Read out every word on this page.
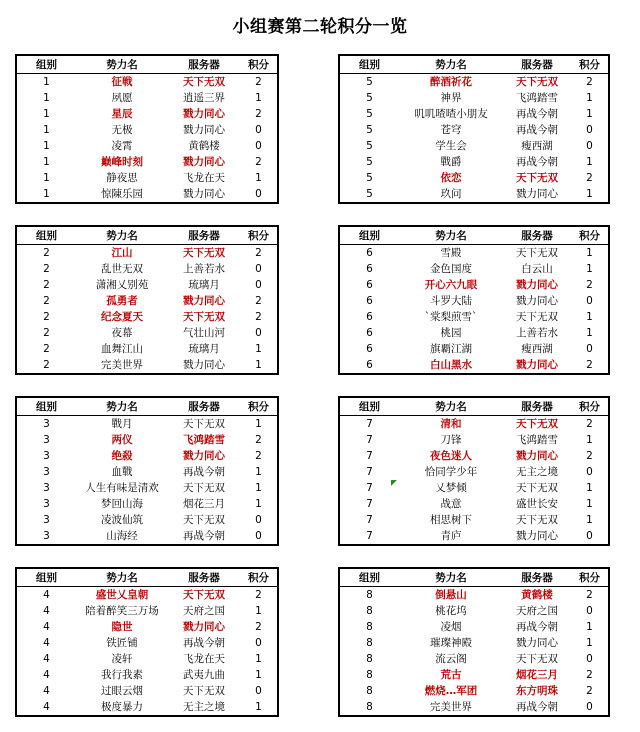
小组赛第二轮积分一览
组别	势力名	服务器	积分
1	征戦	天下无双	2
1	夙愿	逍遥三界	1
1	星辰	戮力同心	2
1	无极	戮力同心	0
1	凌霄	黄鹤楼	0
1	巅峰时刻	戮力同心	2
1	静夜思	飞龙在天	1
1	惊陳乐园	戮力同心	0
组别	势力名	服务器	积分
5	醉酒祈花	天下无双	2
5	神界	飞鸿踏雪	1
5	叽叽喳喳小朋友	再战今朝	1
5	苍穹	再战今朝	0
5	学生会	瘦西湖	0
5	戰爵	再战今朝	1
5	依恋	天下无双	2
5	玖问	戮力同心	1
组别	势力名	服务器	积分
2	江山	天下无双	2
2	乱世无双	上善若水	0
2	潇湘乂别苑	琉璃月	0
2	孤勇者	戮力同心	2
2	纪念夏天	天下无双	2
2	夜幕	气壮山河	0
2	血舞江山	琉璃月	1
2	完美世界	戮力同心	1
组别	势力名	服务器	积分
6	雪殿	天下无双	1
6	金色国度	白云山	1
6	开心六九眼	戮力同心	2
6	斗罗大陆	戮力同心	0
6	`棠梨煎雪`	天下无双	1
6	桃园	上善若水	1
6	旗覇江湖	瘦西湖	0
6	白山黑水	戮力同心	2
组别	势力名	服务器	积分
3	戰月	天下无双	1
3	两仪	飞鸿踏雪	2
3	绝殺	戮力同心	2
3	血戰	再战今朝	1
3	人生有味是清欢	天下无双	1
3	梦回山海	烟花三月	1
3	凌波仙筑	天下无双	0
3	山海经	再战今朝	0
组别	势力名	服务器	积分
7	清和	天下无双	2
7	刀锋	飞鸿踏雪	1
7	夜色迷人	戮力同心	2
7	恰同学少年	无主之境	0
7	乂梦倾	天下无双	1
7	战意	盛世长安	1
7	相思树下	天下无双	1
7	青庐	戮力同心	0
组别	势力名	服务器	积分
4	盛世乂皇朝	天下无双	2
4	陪着醉笑三万场	天府之国	1
4	隐世	戮力同心	2
4	铁匠铺	再战今朝	0
4	凌轩	飞龙在天	1
4	我行我素	武夷九曲	1
4	过眼云烟	天下无双	0
4	极度暴力	无主之境	1
组别	势力名	服务器	积分
8	倒悬山	黄鹤楼	2
8	桃花坞	天府之国	0
8	凌烟	再战今朝	1
8	璀璨神殿	戮力同心	1
8	流云阁	天下无双	0
8	荒古	烟花三月	2
8	燃烧…军团	东方明珠	2
8	完美世界	再战今朝	0
